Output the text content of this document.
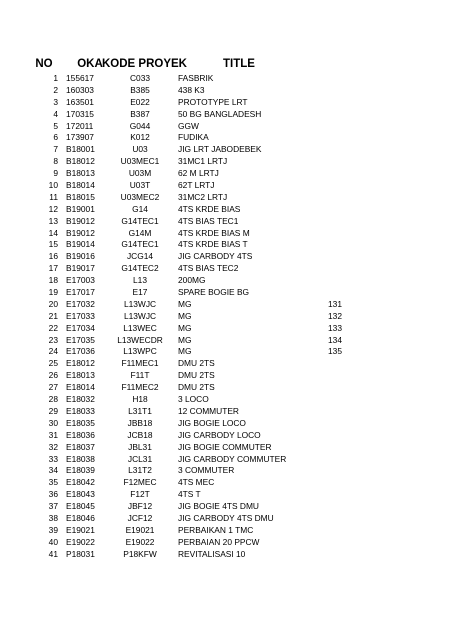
NO	OKA KODE PROYEK	TITLE
1 155617	C033	FASBRIK
2 160303	B385	438 K3
3 163501	E022	PROTOTYPE LRT
4 170315	B387	50 BG BANGLADESH
5 172011	G044	GGW
6 173907	K012	FUDIKA
7 B18001	U03	JIG LRT JABODEBEK
8 B18012	U03MEC1	31MC1 LRTJ
9 B18013	U03M	62 M LRTJ
10 B18014	U03T	62T LRTJ
11 B18015	U03MEC2	31MC2 LRTJ
12 B19001	G14	4TS KRDE BIAS
13 B19012	G14TEC1	4TS BIAS TEC1
14 B19012	G14M	4TS KRDE BIAS M
15 B19014	G14TEC1	4TS KRDE BIAS T
16 B19016	JCG14	JIG CARBODY 4TS
17 B19017	G14TEC2	4TS BIAS TEC2
18 E17003	L13	200MG
19 E17017	E17	SPARE BOGIE BG
20 E17032	L13WJC	MG	131
21 E17033	L13WJC	MG	132
22 E17034	L13WEC	MG	133
23 E17035	L13WECDR	MG	134
24 E17036	L13WPC	MG	135
25 E18012	F11MEC1	DMU 2TS
26 E18013	F11T	DMU 2TS
27 E18014	F11MEC2	DMU 2TS
28 E18032	H18	3 LOCO
29 E18033	L31T1	12 COMMUTER
30 E18035	JBB18	JIG BOGIE LOCO
31 E18036	JCB18	JIG CARBODY LOCO
32 E18037	JBL31	JIG BOGIE COMMUTER
33 E18038	JCL31	JIG CARBODY COMMUTER
34 E18039	L31T2	3 COMMUTER
35 E18042	F12MEC	4TS MEC
36 E18043	F12T	4TS T
37 E18045	JBF12	JIG BOGIE 4TS DMU
38 E18046	JCF12	JIG CARBODY 4TS DMU
39 E19021	E19021	PERBAIKAN 1 TMC
40 E19022	E19022	PERBAIAN 20 PPCW
41 P18031	P18KFW	REVITALISASI 10
